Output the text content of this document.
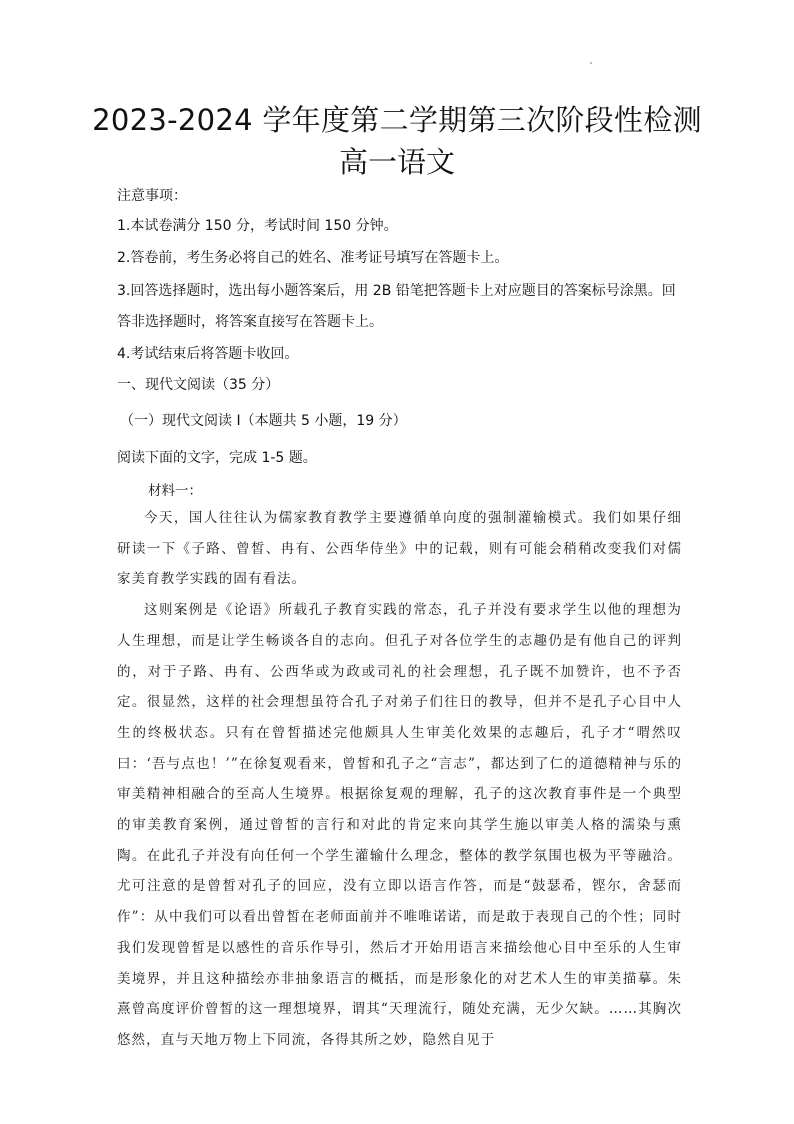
2023-2024 学年度第二学期第三次阶段性检测
高一语文
注意事项：
1.本试卷满分 150 分，考试时间 150 分钟。
2.答卷前，考生务必将自己的姓名、准考证号填写在答题卡上。
3.回答选择题时，选出每小题答案后，用 2B 铅笔把答题卡上对应题目的答案标号涂黑。回
答非选择题时，将答案直接写在答题卡上。
4.考试结束后将答题卡收回。
一、现代文阅读（35 分）
（一）现代文阅读 I（本题共 5 小题，19 分）
阅读下面的文字，完成 1-5 题。
材料一：

今天，国人往往认为儒家教育教学主要遵循单向度的强制灌输模式。我们如果仔细研读一下《子路、曾皙、冉有、公西华侍坐》中的记载，则有可能会稍稍改变我们对儒家美育教学实践的固有看法。

这则案例是《论语》所载孔子教育实践的常态，孔子并没有要求学生以他的理想为人生理想，而是让学生畅谈各自的志向。但孔子对各位学生的志趣仍是有他自己的评判的，对于子路、冉有、公西华或为政或司礼的社会理想，孔子既不加赞许，也不予否定。很显然，这样的社会理想虽符合孔子对弟子们往日的教导，但并不是孔子心目中人生的终极状态。只有在曾皙描述完他颇具人生审美化效果的志趣后，孔子才“喟然叹曰：‘吾与点也！’”在徐复观看来，曾皙和孔子之“言志”，都达到了仁的道德精神与乐的审美精神相融合的至高人生境界。根据徐复观的理解，孔子的这次教育事件是一个典型的审美教育案例，通过曾皙的言行和对此的肯定来向其学生施以审美人格的濡染与熏陶。在此孔子并没有向任何一个学生灌输什么理念，整体的教学氛围也极为平等融洽。尤可注意的是曾皙对孔子的回应，没有立即以语言作答，而是“鼓瑟希，铿尔，舍瑟而作”：从中我们可以看出曾皙在老师面前并不唯唯诺诺，而是敢于表现自己的个性；同时我们发现曾皙是以感性的音乐作导引，然后才开始用语言来描绘他心目中至乐的人生审美境界，并且这种描绘亦非抽象语言的概括，而是形象化的对艺术人生的审美描摹。朱熹曾高度评价曾皙的这一理想境界，谓其“天理流行，随处充满，无少欠缺。……其胸次悠然，直与天地万物上下同流，各得其所之妙，隐然自见于
